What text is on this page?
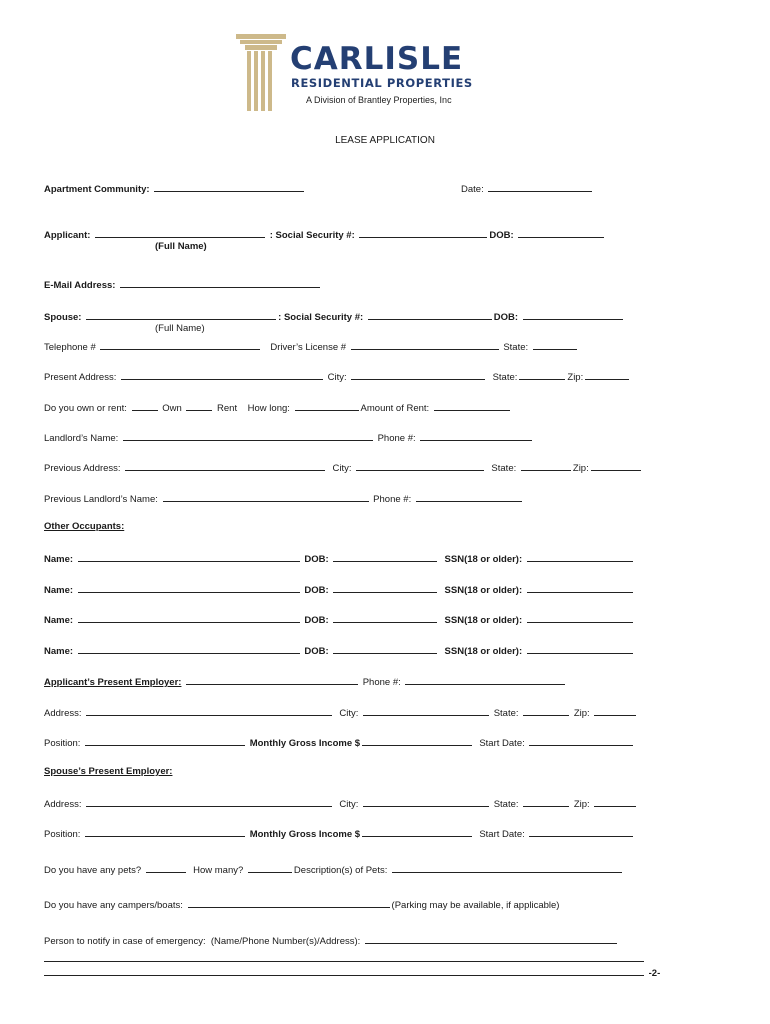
CARLISLE
RESIDENTIAL PROPERTIES
A Division of Brantley Properties, Inc
LEASE APPLICATION
Apartment Community:	Date:
Applicant:	: Social Security #:	DOB:
(Full Name)
E-Mail Address:
Spouse:	: Social Security #:	DOB:
(Full Name)
Telephone #	Driver’s License #	State:
Present Address:	City:	State:	Zip:
Do you own or rent:	Own	Rent How long:	Amount of Rent:
Landlord’s Name:	Phone #:
Previous Address:	City:	State:	Zip:
Previous Landlord’s Name:	Phone #:
Other Occupants:
Name:	DOB:	SSN(18 or older):
Name:	DOB:	SSN(18 or older):
Name:	DOB:	SSN(18 or older):
Name:	DOB:	SSN(18 or older):
Applicant’s Present Employer:	Phone #:
Address:	City:	State:	Zip:
Position:	Monthly Gross Income $	Start Date:
Spouse’s Present Employer:
Address:	City:	State:	Zip:
Position:	Monthly Gross Income $	Start Date:
Do you have any pets?	How many?	Description(s) of Pets:
Do you have any campers/boats:	(Parking may be available, if applicable)
Person to notify in case of emergency: (Name/Phone Number(s)/Address):
-2-
